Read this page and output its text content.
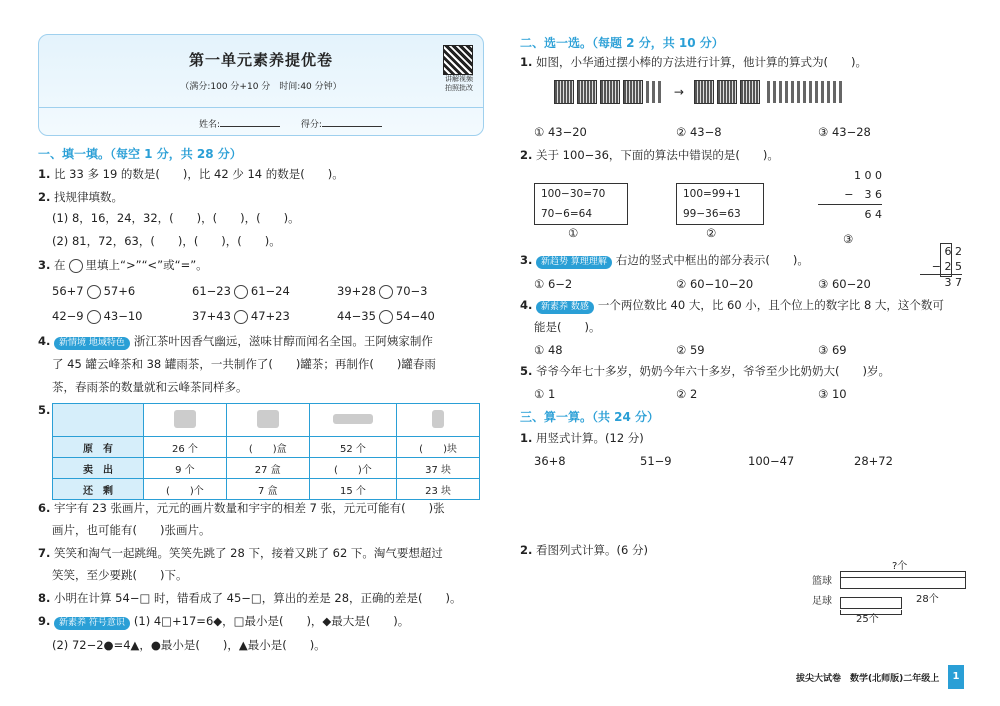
第一单元素养提优卷
（满分:100 分+10 分　时间:40 分钟）
讲解视频 拍照批改
姓名:	得分:
一、填一填。（每空 1 分，共 28 分）
1. 比 33 多 19 的数是(　　)，比 42 少 14 的数是(　　)。
2. 找规律填数。
(1) 8，16，24，32，(　　)，(　　)，(　　)。
(2) 81，72，63，(　　)，(　　)，(　　)。
3. 在 里填上“>”“<”或“=”。
56+7 57+6	61−23 61−24	39+28 70−3
42−9 43−10	37+43 47+23	44−35 54−40
4. 新情境 地域特色 浙江茶叶因香气幽远，滋味甘醇而闻名全国。王阿姨家制作
了 45 罐云峰茶和 38 罐雨茶，一共制作了(　　)罐茶；再制作(　　)罐春雨
茶，春雨茶的数量就和云峰茶同样多。
5.

原　有	26 个	(　　)盒	52 个	(　　)块
卖　出	9 个	27 盒	(　　)个	37 块
还　剩	(　　)个	7 盒	15 个	23 块
6. 宇宇有 23 张画片，元元的画片数量和宇宇的相差 7 张，元元可能有(　　)张
画片，也可能有(　　)张画片。
7. 笑笑和淘气一起跳绳。笑笑先跳了 28 下，接着又跳了 62 下。淘气要想超过
笑笑，至少要跳(　　)下。
8. 小明在计算 54−□ 时，错看成了 45−□，算出的差是 28，正确的差是(　　)。
9. 新素养 符号意识 (1) 4□+17=6◆，□最小是(　　)，◆最大是(　　)。
(2) 72−2●=4▲，●最小是(　　)，▲最小是(　　)。
二、选一选。（每题 2 分，共 10 分）
1. 如图，小华通过摆小棒的方法进行计算，他计算的算式为(　　)。
→
① 43−20	② 43−8	③ 43−28
2. 关于 100−36，下面的算法中错误的是(　　)。
100−30=70
70−6=64
100=99+1
99−36=63
1 0 0
−　3 6
6 4
①	②	③
3. 新趋势 算理理解 右边的竖式中框出的部分表示(　　)。
6 2
− 2 5
3 7
① 6−2	② 60−10−20	③ 60−20
4. 新素养 数感 一个两位数比 40 大，比 60 小，且个位上的数字比 8 大，这个数可
能是(　　)。
① 48	② 59	③ 69
5. 爷爷今年七十多岁，奶奶今年六十多岁，爷爷至少比奶奶大(　　)岁。
① 1	② 2	③ 10
三、算一算。（共 24 分）
1. 用竖式计算。(12 分)
36+8	51−9	100−47	28+72
2. 看图列式计算。(6 分)
?个
篮球
足球	28个
25个
拔尖大试卷　 数学(北师版)二年级上	1
